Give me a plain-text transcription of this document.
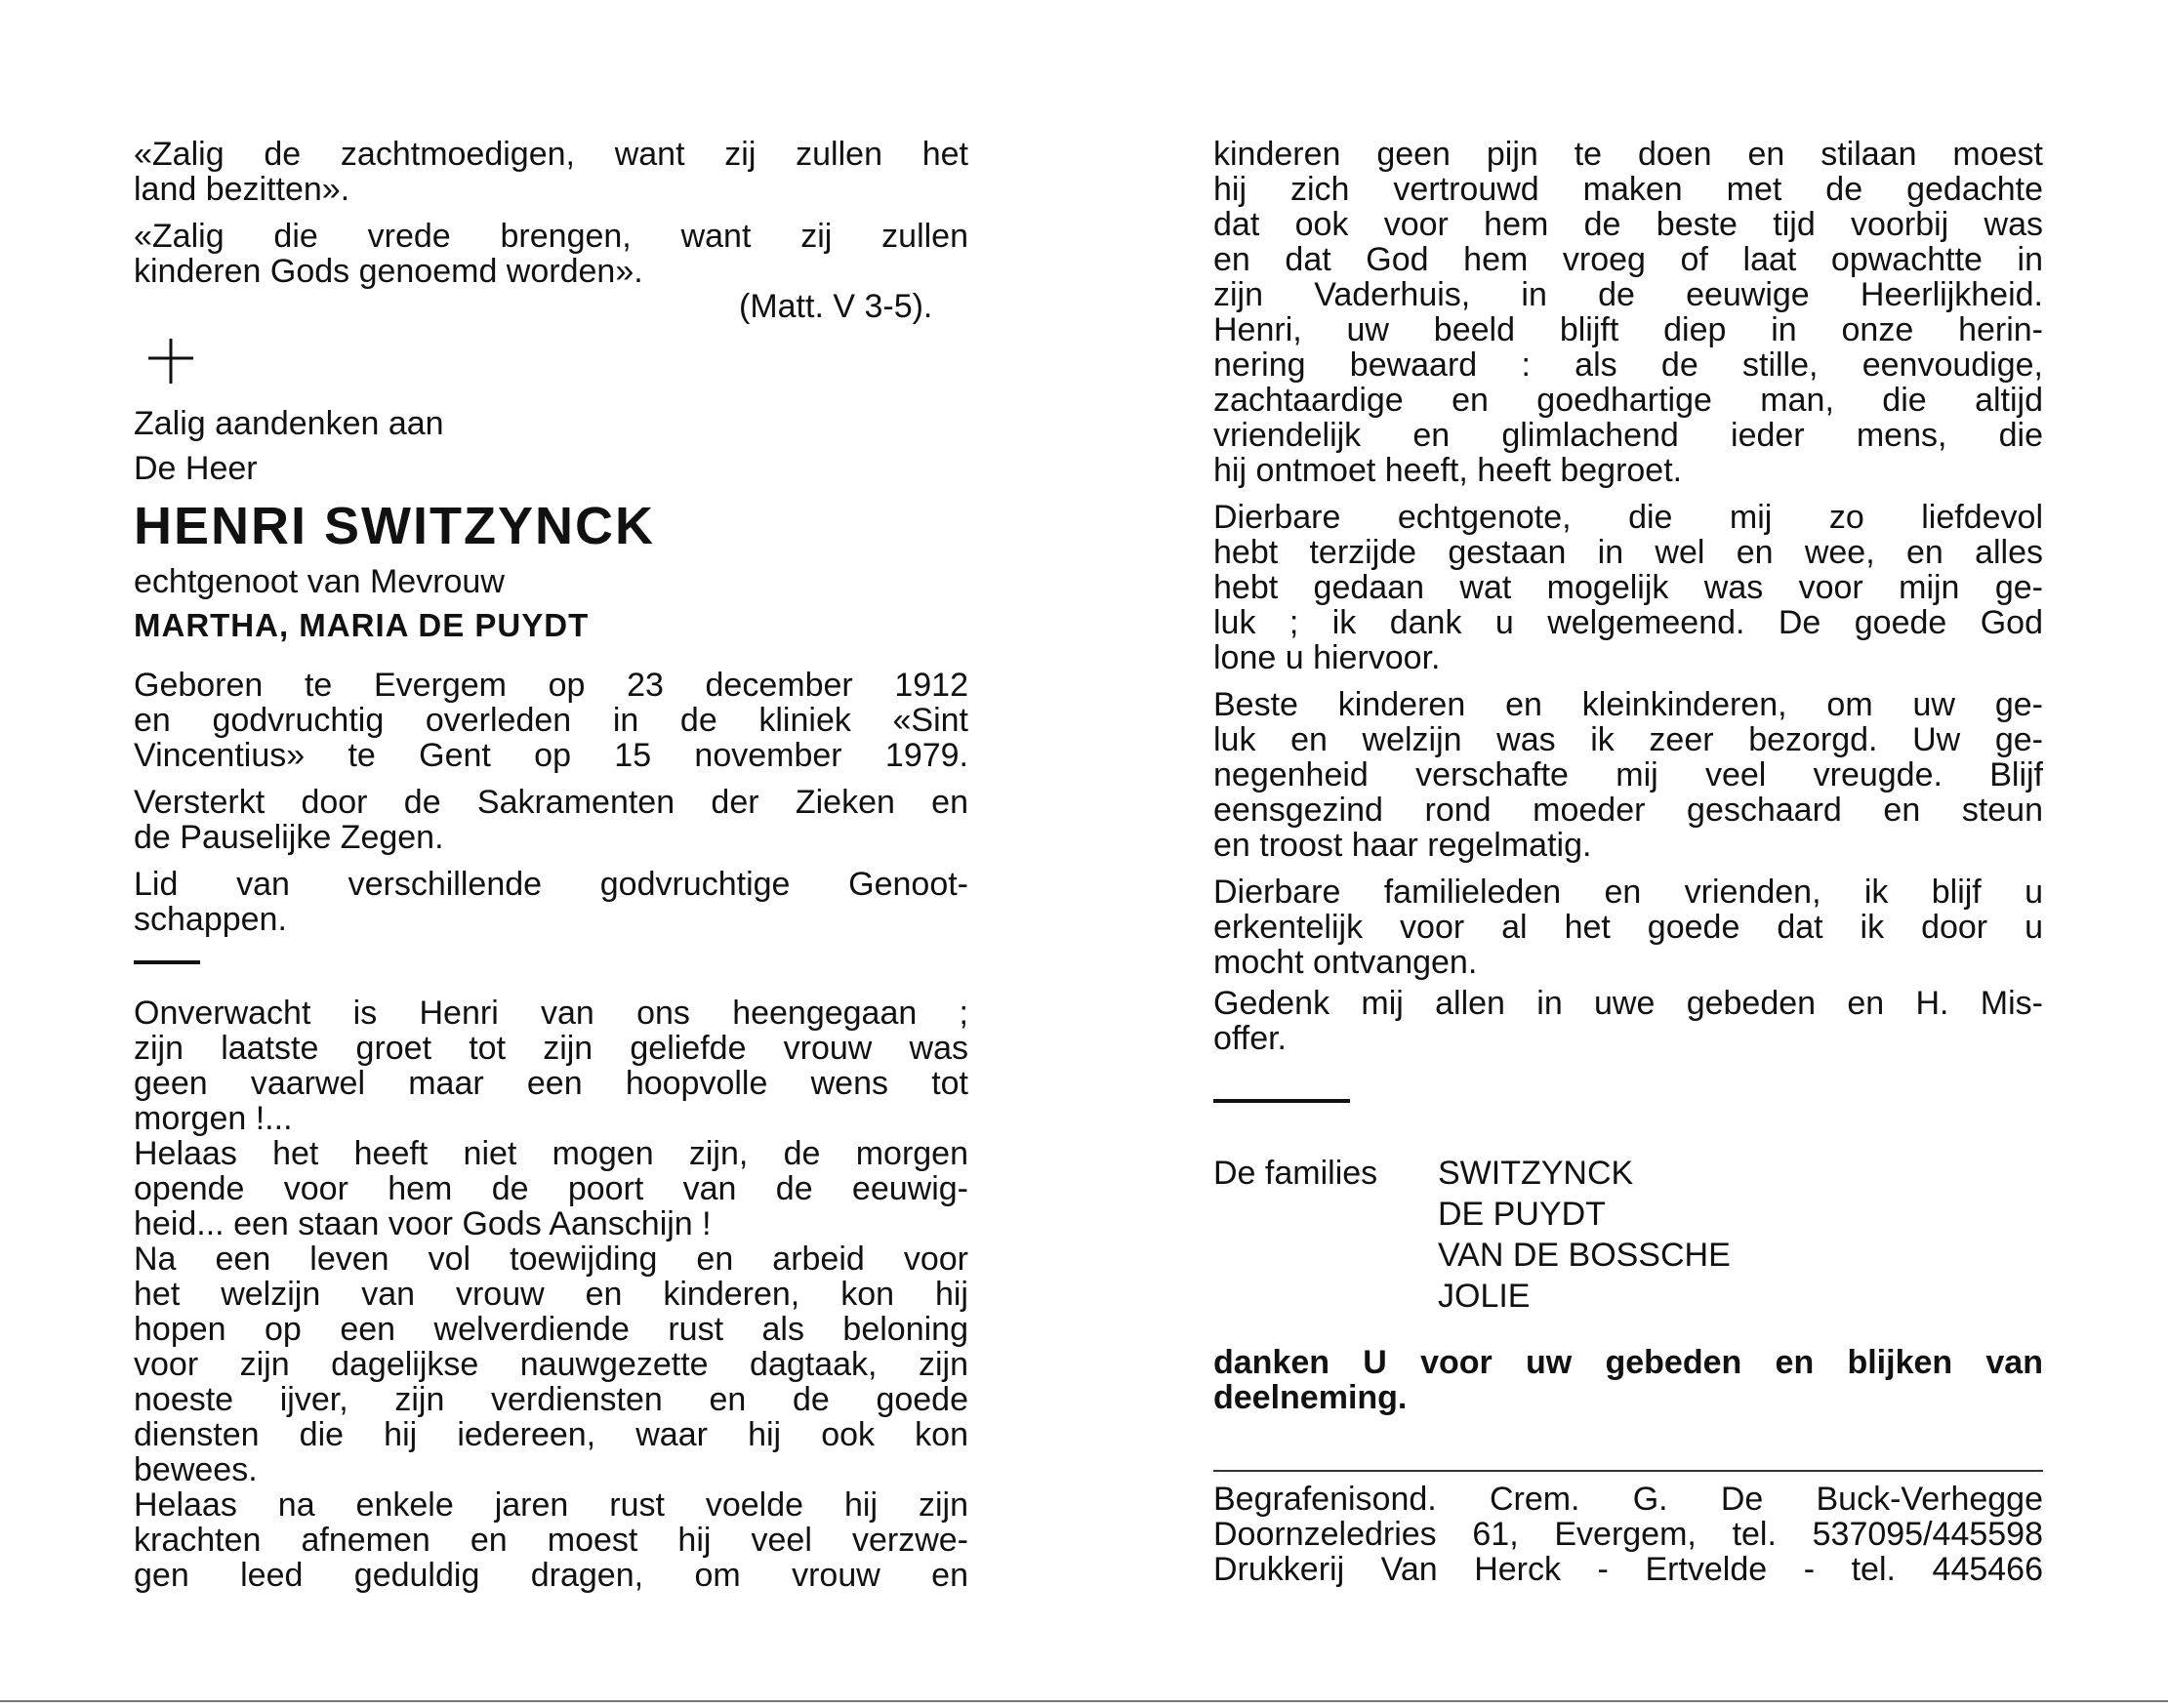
«Zalig de zachtmoedigen, want zij zullen het
land bezitten».
«Zalig die vrede brengen, want zij zullen
kinderen Gods genoemd worden».
(Matt. V 3-5).
Zalig aandenken aan
De Heer
HENRI SWITZYNCK
echtgenoot van Mevrouw
MARTHA, MARIA DE PUYDT
Geboren te Evergem op 23 december 1912
en godvruchtig overleden in de kliniek «Sint
Vincentius» te Gent op 15 november 1979.
Versterkt door de Sakramenten der Zieken en
de Pauselijke Zegen.
Lid van verschillende godvruchtige Genoot-
schappen.
Onverwacht is Henri van ons heengegaan ;
zijn laatste groet tot zijn geliefde vrouw was
geen vaarwel maar een hoopvolle wens tot
morgen !...
Helaas het heeft niet mogen zijn, de morgen
opende voor hem de poort van de eeuwig-
heid... een staan voor Gods Aanschijn !
Na een leven vol toewijding en arbeid voor
het welzijn van vrouw en kinderen, kon hij
hopen op een welverdiende rust als beloning
voor zijn dagelijkse nauwgezette dagtaak, zijn
noeste ijver, zijn verdiensten en de goede
diensten die hij iedereen, waar hij ook kon
bewees.
Helaas na enkele jaren rust voelde hij zijn
krachten afnemen en moest hij veel verzwe-
gen leed geduldig dragen, om vrouw en
kinderen geen pijn te doen en stilaan moest
hij zich vertrouwd maken met de gedachte
dat ook voor hem de beste tijd voorbij was
en dat God hem vroeg of laat opwachtte in
zijn Vaderhuis, in de eeuwige Heerlijkheid.
Henri, uw beeld blijft diep in onze herin-
nering bewaard : als de stille, eenvoudige,
zachtaardige en goedhartige man, die altijd
vriendelijk en glimlachend ieder mens, die
hij ontmoet heeft, heeft begroet.
Dierbare echtgenote, die mij zo liefdevol
hebt terzijde gestaan in wel en wee, en alles
hebt gedaan wat mogelijk was voor mijn ge-
luk ; ik dank u welgemeend. De goede God
lone u hiervoor.
Beste kinderen en kleinkinderen, om uw ge-
luk en welzijn was ik zeer bezorgd. Uw ge-
negenheid verschafte mij veel vreugde. Blijf
eensgezind rond moeder geschaard en steun
en troost haar regelmatig.
Dierbare familieleden en vrienden, ik blijf u
erkentelijk voor al het goede dat ik door u
mocht ontvangen.
Gedenk mij allen in uwe gebeden en H. Mis-
offer.
De families SWITZYNCK
DE PUYDT
VAN DE BOSSCHE
JOLIE
danken U voor uw gebeden en blijken van
deelneming.
Begrafenisond. Crem. G. De Buck-Verhegge
Doornzeledries 61, Evergem, tel. 537095/445598
Drukkerij Van Herck - Ertvelde - tel. 445466
